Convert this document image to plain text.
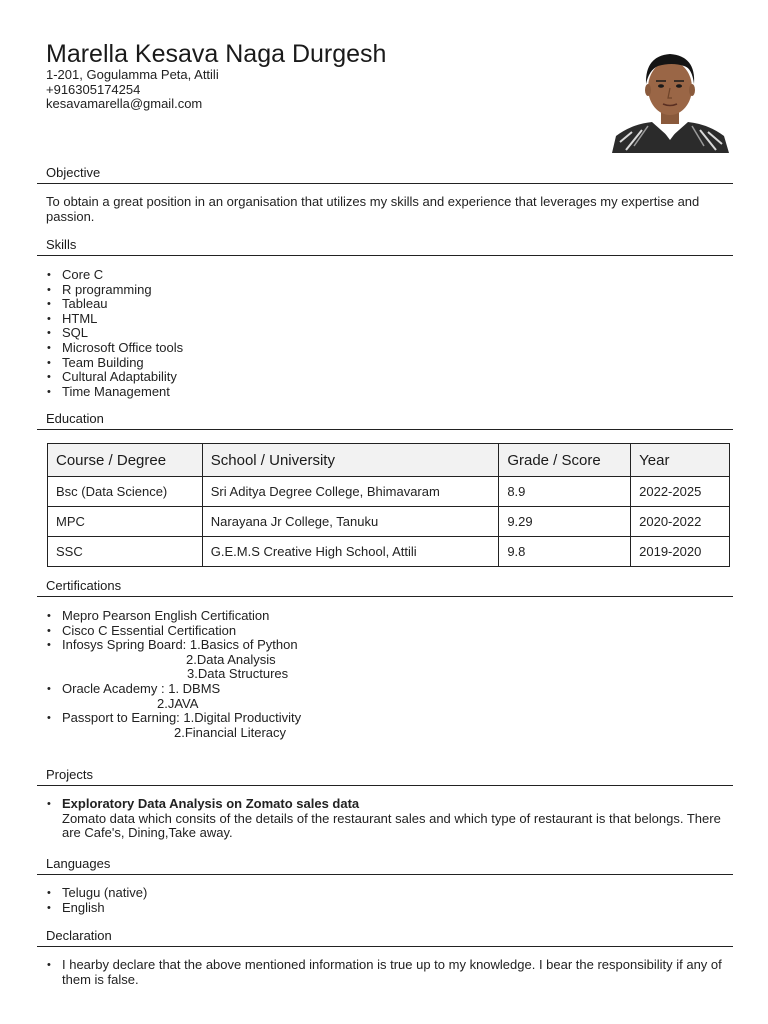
Marella Kesava Naga Durgesh
1-201, Gogulamma Peta, Attili
+916305174254
kesavamarella@gmail.com
Objective
To obtain a great position in an organisation that utilizes my skills and experience that leverages my expertise and passion.
Skills
• Core C
• R programming
• Tableau
• HTML
• SQL
• Microsoft Office tools
• Team Building
• Cultural Adaptability
• Time Management
Education
Course / Degree	School / University	Grade / Score	Year
Bsc (Data Science)	Sri Aditya Degree College, Bhimavaram	8.9	2022-2025
MPC	Narayana Jr College, Tanuku	9.29	2020-2022
SSC	G.E.M.S Creative High School, Attili	9.8	2019-2020
Certifications
• Mepro Pearson English Certification
• Cisco C Essential Certification
• Infosys Spring Board: 1.Basics of Python
2.Data Analysis
3.Data Structures
• Oracle Academy : 1. DBMS
2.JAVA
• Passport to Earning: 1.Digital Productivity
2.Financial Literacy
Projects
• Exploratory Data Analysis on Zomato sales data
Zomato data which consits of the details of the restaurant sales and which type of restaurant is that belongs. There are Cafe's, Dining,Take away.
Languages
• Telugu (native)
• English
Declaration
• I hearby declare that the above mentioned information is true up to my knowledge. I bear the responsibility if any of them is false.
